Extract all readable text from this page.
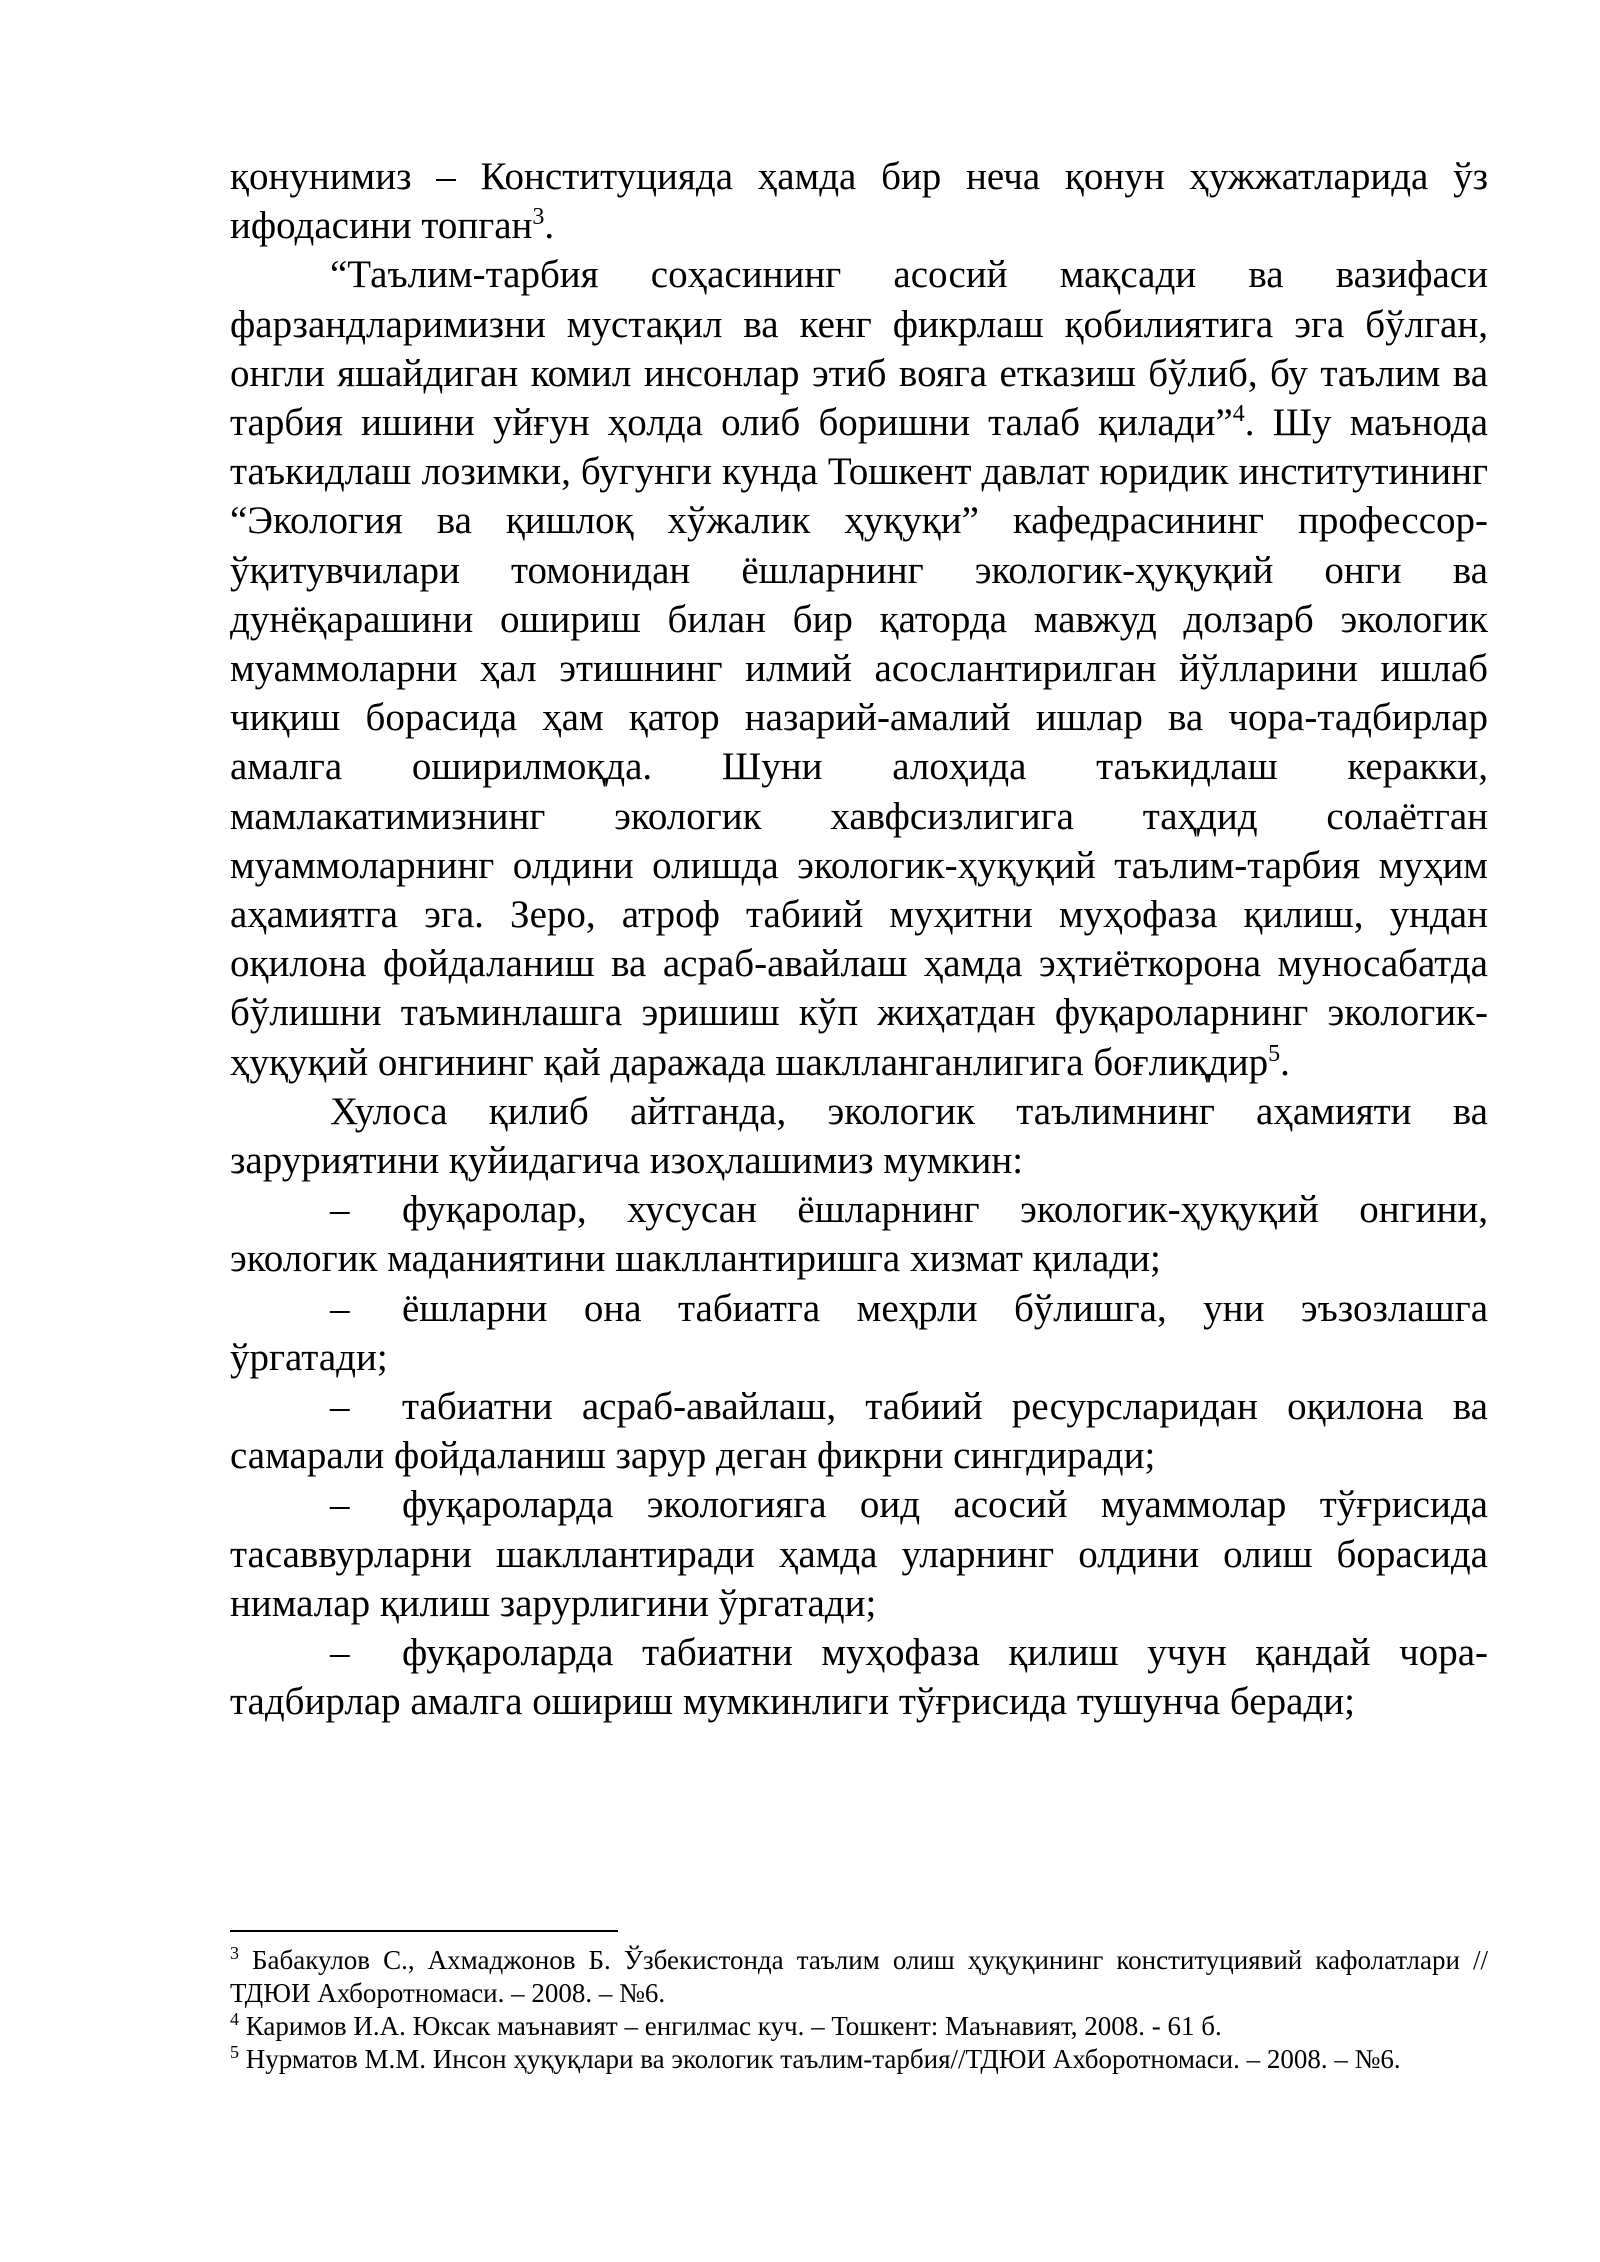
қонунимиз – Конституцияда ҳамда бир неча қонун ҳужжатларида ўз ифодасини топган$^3$.

“Таълим-тарбия соҳасининг асосий мақсади ва вазифаси фарзандларимизни мустақил ва кенг фикрлаш қобилиятига эга бўлган, онгли яшайдиган комил инсонлар этиб вояга етказиш бўлиб, бу таълим ва тарбия ишини уйғун ҳолда олиб боришни талаб қилади”$^4$. Шу маънода таъкидлаш лозимки, бугунги кунда Тошкент давлат юридик институтининг “Экология ва қишлоқ хўжалик ҳуқуқи” кафедрасининг профессор-ўқитувчилари томонидан ёшларнинг экологик-ҳуқуқий онги ва дунёқарашини ошириш билан бир қаторда мавжуд долзарб экологик муаммоларни ҳал этишнинг илмий асослантирилган йўлларини ишлаб чиқиш борасида ҳам қатор назарий-амалий ишлар ва чора-тадбирлар амалга оширилмоқда. Шуни алоҳида таъкидлаш керакки, мамлакатимизнинг экологик хавфсизлигига таҳдид солаётган муаммоларнинг олдини олишда экологик-ҳуқуқий таълим-тарбия муҳим аҳамиятга эга. Зеро, атроф табиий муҳитни муҳофаза қилиш, ундан оқилона фойдаланиш ва асраб-авайлаш ҳамда эҳтиёткорона муносабатда бўлишни таъминлашга эришиш кўп жиҳатдан фуқароларнинг экологик-ҳуқуқий онгининг қай даражада шаклланганлигига боғлиқдир$^5$.

Хулоса қилиб айтганда, экологик таълимнинг аҳамияти ва заруриятини қуйидагича изоҳлашимиз мумкин:

– фуқаролар, хусусан ёшларнинг экологик-ҳуқуқий онгини, экологик маданиятини шакллантиришга хизмат қилади;

– ёшларни она табиатга меҳрли бўлишга, уни эъзозлашга ўргатади;

– табиатни асраб-авайлаш, табиий ресурсларидан оқилона ва самарали фойдаланиш зарур деган фикрни сингдиради;

– фуқароларда экологияга оид асосий муаммолар тўғрисида тасаввурларни шакллантиради ҳамда уларнинг олдини олиш борасида нималар қилиш зарурлигини ўргатади;

– фуқароларда табиатни муҳофаза қилиш учун қандай чора-тадбирлар амалга ошириш мумкинлиги тўғрисида тушунча беради;

$^3$ Бабакулов С., Ахмаджонов Б. Ўзбекистонда таълим олиш ҳуқуқининг конституциявий кафолатлари // ТДЮИ Ахборотномаси. – 2008. – №6.

$^4$ Каримов И.А. Юксак маънавият – енгилмас куч. – Тошкент: Маънавият, 2008. - 61 б.

$^5$ Нурматов М.М. Инсон ҳуқуқлари ва экологик таълим-тарбия//ТДЮИ Ахборотномаси. – 2008. – №6.
